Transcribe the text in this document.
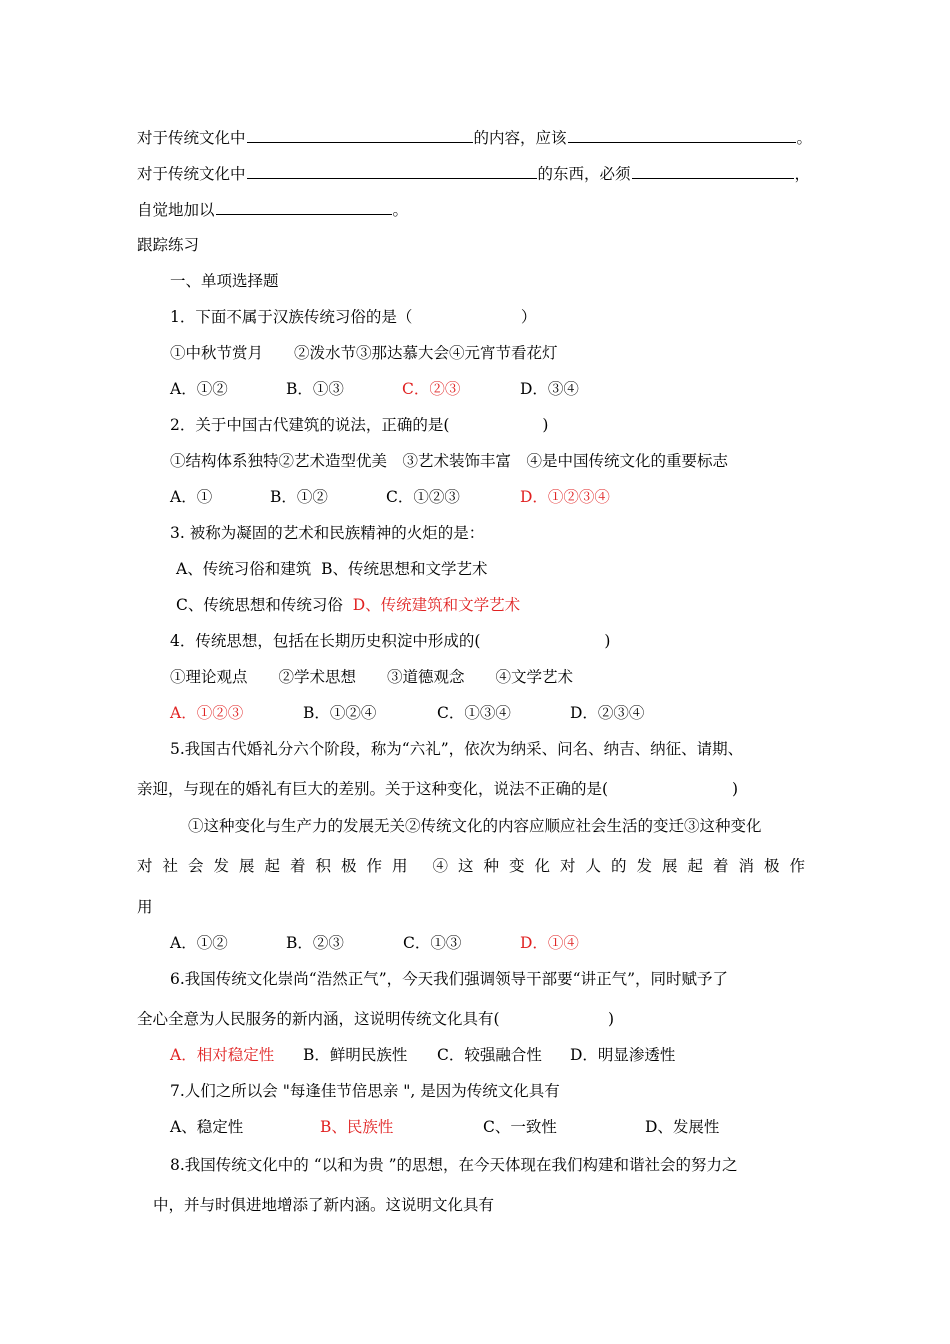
对于传统文化中	的内容，应该	。
对于传统文化中	的东西，必须	，
自觉地加以	。
跟踪练习
一、单项选择题
1．下面不属于汉族传统习俗的是（　　　　　　　）
①中秋节赏月　　②泼水节③那达慕大会④元宵节看花灯
A．①②	B．①③	C．②③	D．③④
2．关于中国古代建筑的说法，正确的是(　　　　　　)
①结构体系独特②艺术造型优美　③艺术装饰丰富　④是中国传统文化的重要标志
A．①	B．①②	C．①②③	D．①②③④
3. 被称为凝固的艺术和民族精神的火炬的是：
A、传统习俗和建筑 B、传统思想和文学艺术
C、传统思想和传统习俗 D、传统建筑和文学艺术
4．传统思想，包括在长期历史积淀中形成的(　　　　　　　　)
①理论观点　　②学术思想　　③道德观念　　④文学艺术
A．①②③	B．①②④	C．①③④	D．②③④
5.我国古代婚礼分六个阶段，称为“六礼”，依次为纳采、问名、纳吉、纳征、请期、
亲迎，与现在的婚礼有巨大的差别。关于这种变化，说法不正确的是(　　　　　　　　)
①这种变化与生产力的发展无关②传统文化的内容应顺应社会生活的变迁③这种变化
对社会发展起着积极作用 ④这种变化对人的发展起着消极作
用
A．①②	B．②③	C．①③	D．①④
6.我国传统文化崇尚“浩然正气”，今天我们强调领导干部要“讲正气”，同时赋予了
全心全意为人民服务的新内涵，这说明传统文化具有(　　　　　　　)
A．相对稳定性 B．鲜明民族性 C．较强融合性 D．明显渗透性
7.人们之所以会 "每逢佳节倍思亲 ", 是因为传统文化具有
A、稳定性	B、民族性	C、一致性	D、发展性
8.我国传统文化中的 “以和为贵 ”的思想，在今天体现在我们构建和谐社会的努力之
中，并与时俱进地增添了新内涵。这说明文化具有
